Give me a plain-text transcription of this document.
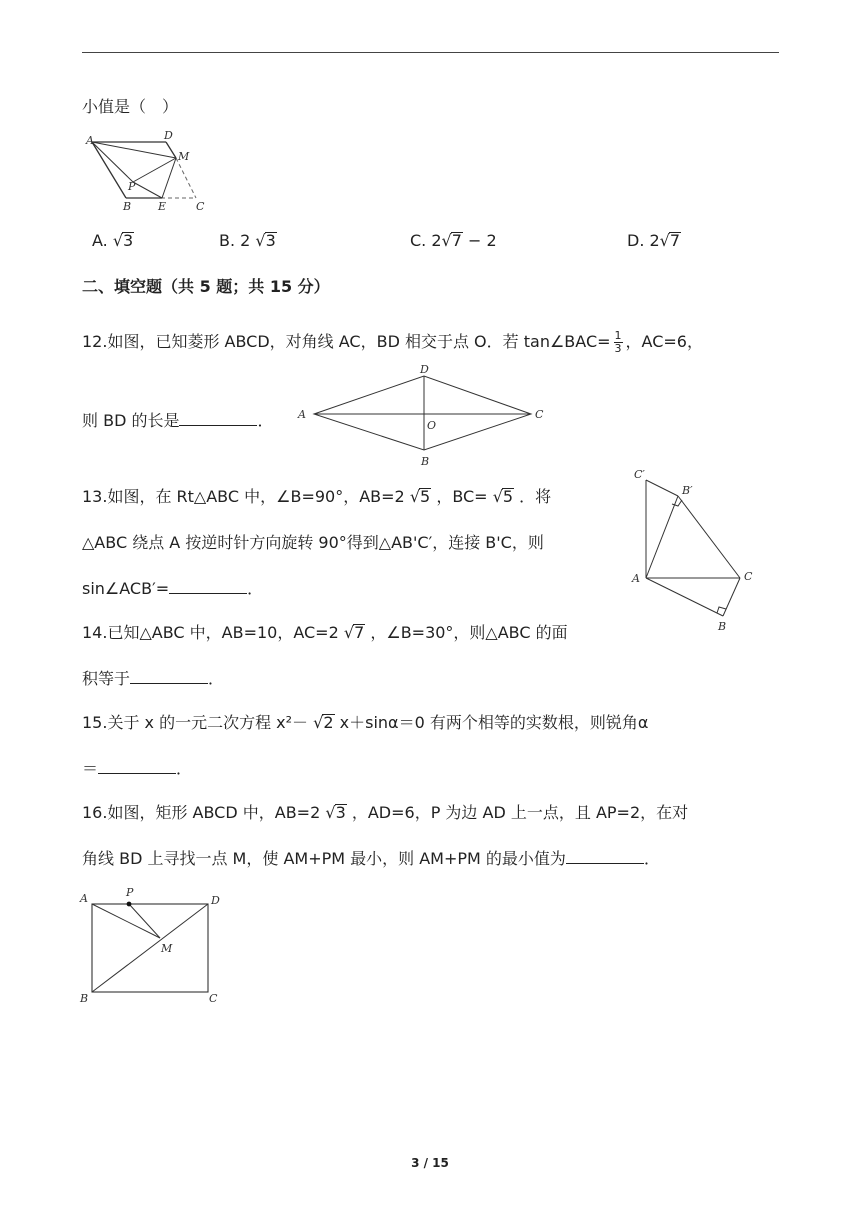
小值是（　）
A	D
M
P
B E	C
A. √3	B. 2 √3	C. 2√7 − 2	D. 2√7
二、填空题（共 5 题；共 15 分）
12.如图，已知菱形 ABCD，对角线 AC，BD 相交于点 O．若 tan∠BAC= $\frac{1}{3}$ ，AC=6，
则 BD 的长是	． A
D
C
O
B
13.如图，在 Rt△ABC 中，∠B=90°，AB=2 √5 ，BC= √5 ．将
△ABC 绕点 A 按逆时针方向旋转 90°得到△AB'C′，连接 B'C，则
sin∠ACB′=	．
C′
B′
A	C
B
14.已知△ABC 中，AB=10，AC=2 √7 ，∠B=30°，则△ABC 的面
积等于	．
15.关于 x 的一元二次方程 x²－ √2 x＋sinα＝0 有两个相等的实数根，则锐角α
＝	．
16.如图，矩形 ABCD 中，AB=2 √3 ，AD=6，P 为边 AD 上一点，且 AP=2，在对
角线 BD 上寻找一点 M，使 AM+PM 最小，则 AM+PM 的最小值为	．
A	P
D
M
B	C
3 / 15
